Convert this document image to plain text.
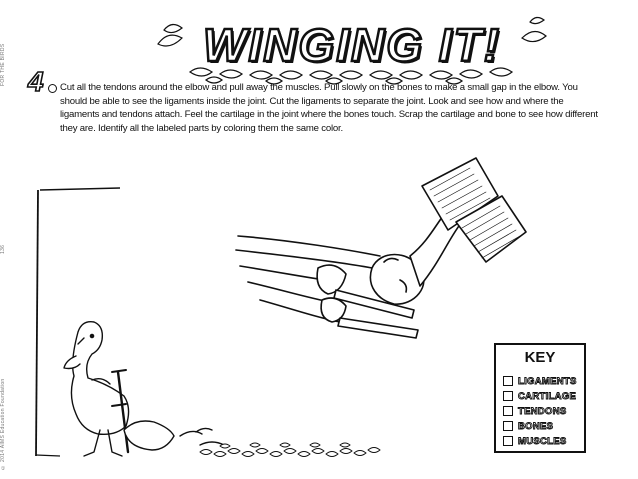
FOR THE BIRDS
136
© 2014 AIMS Education Foundation
WINGING IT!
4 Cut all the tendons around the elbow and pull away the muscles. Pull slowly on the bones to make a small gap in the elbow. You should be able to see the ligaments inside the joint. Cut the ligaments to separate the joint. Look and see how and where the ligaments and tendons attach. Feel the cartilage in the joint where the bones touch. Scrap the cartilage and bone to see how different they are. Identify all the labeled parts by coloring them the same color.
KEY
LIGAMENTS
CARTILAGE
TENDONS
BONES
MUSCLES
